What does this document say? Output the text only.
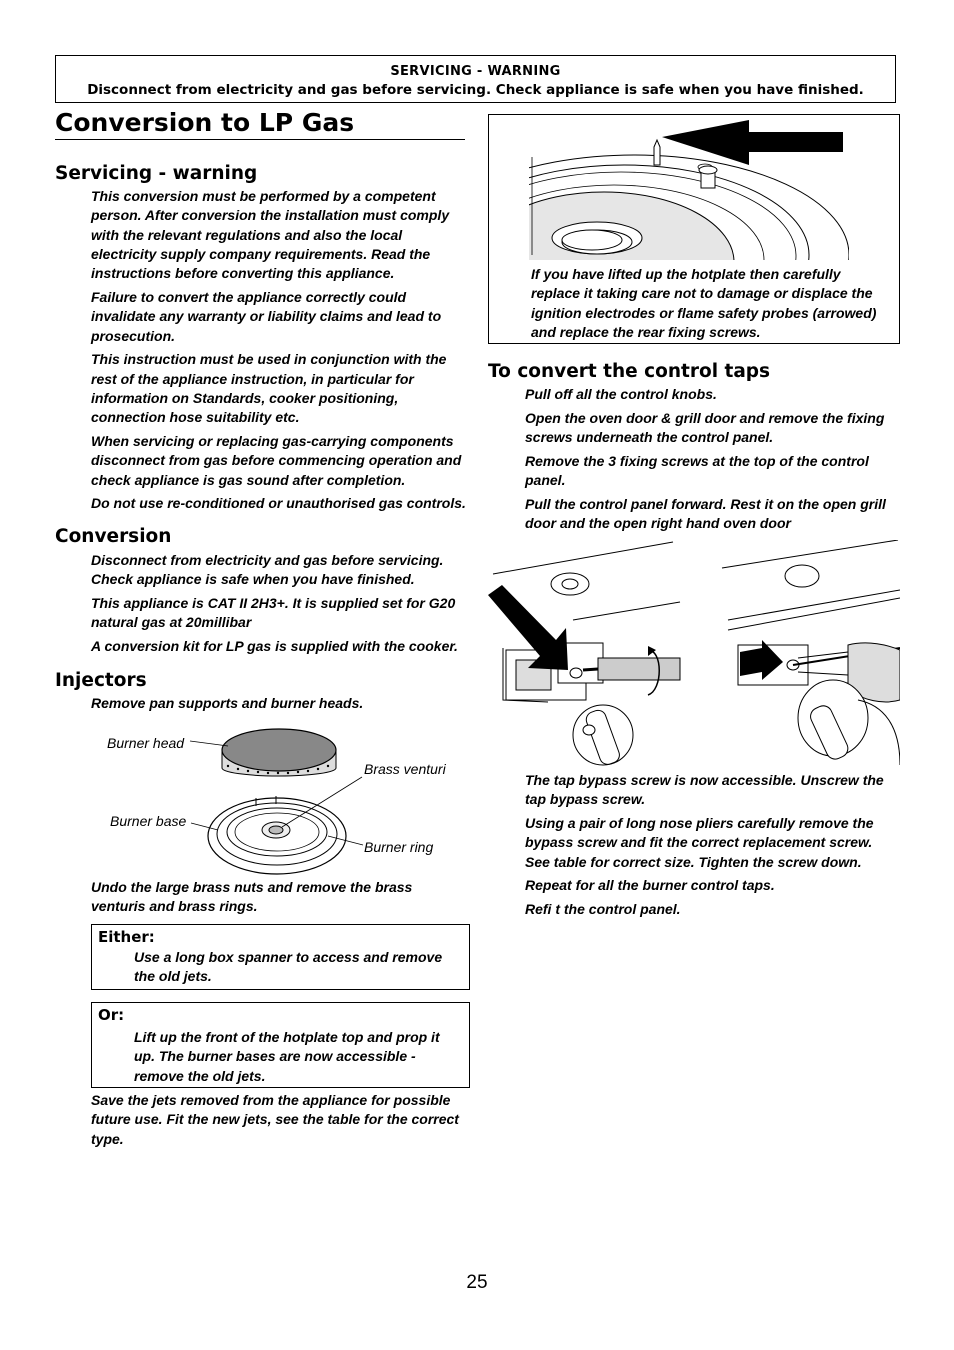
SERVICING - WARNING
Disconnect from electricity and gas before servicing. Check appliance is safe when you have finished.
Conversion to LP Gas
Servicing - warning

This conversion must be performed by a competent person. After conversion the installation must comply with the relevant regulations and also the local electricity supply company requirements. Read the instructions before converting this appliance.

Failure to convert the appliance correctly could invalidate any warranty or liability claims and lead to prosecution.

This instruction must be used in conjunction with the rest of the appliance instruction, in particular for information on Standards, cooker positioning, connection hose suitability etc.

When servicing or replacing gas-carrying components disconnect from gas before commencing operation and check appliance is gas sound after completion.

Do not use re-conditioned or unauthorised gas controls.

Conversion

Disconnect from electricity and gas before servicing. Check appliance is safe when you have finished.

This appliance is CAT II 2H3+. It is supplied set for G20 natural gas at 20millibar

A conversion kit for LP gas is supplied with the cooker.

Injectors
Remove pan supports and burner heads.
Burner head
Brass venturi
Burner base
Burner ring
Undo the large brass nuts and remove the brass venturis and brass rings.
Either:
Use a long box spanner to access and remove the old jets.
Or:
Lift up the front of the hotplate top and prop it up. The burner bases are now accessible - remove the old jets.
Save the jets removed from the appliance for possible future use. Fit the new jets, see the table for the correct type.
If you have lifted up the hotplate then carefully replace it taking care not to damage or displace the ignition electrodes or flame safety probes (arrowed) and replace the rear fixing screws.
To convert the control taps

Pull off all the control knobs.

Open the oven door & grill door and remove the fixing screws underneath the control panel.

Remove the 3 fixing screws at the top of the control panel.

Pull the control panel forward. Rest it on the open grill door and the open right hand oven door

The tap bypass screw is now accessible. Unscrew the tap bypass screw.

Using a pair of long nose pliers carefully remove the bypass screw and fit the correct replacement screw. See table for correct size. Tighten the screw down.

Repeat for all the burner control taps.

Refi t the control panel.

25
